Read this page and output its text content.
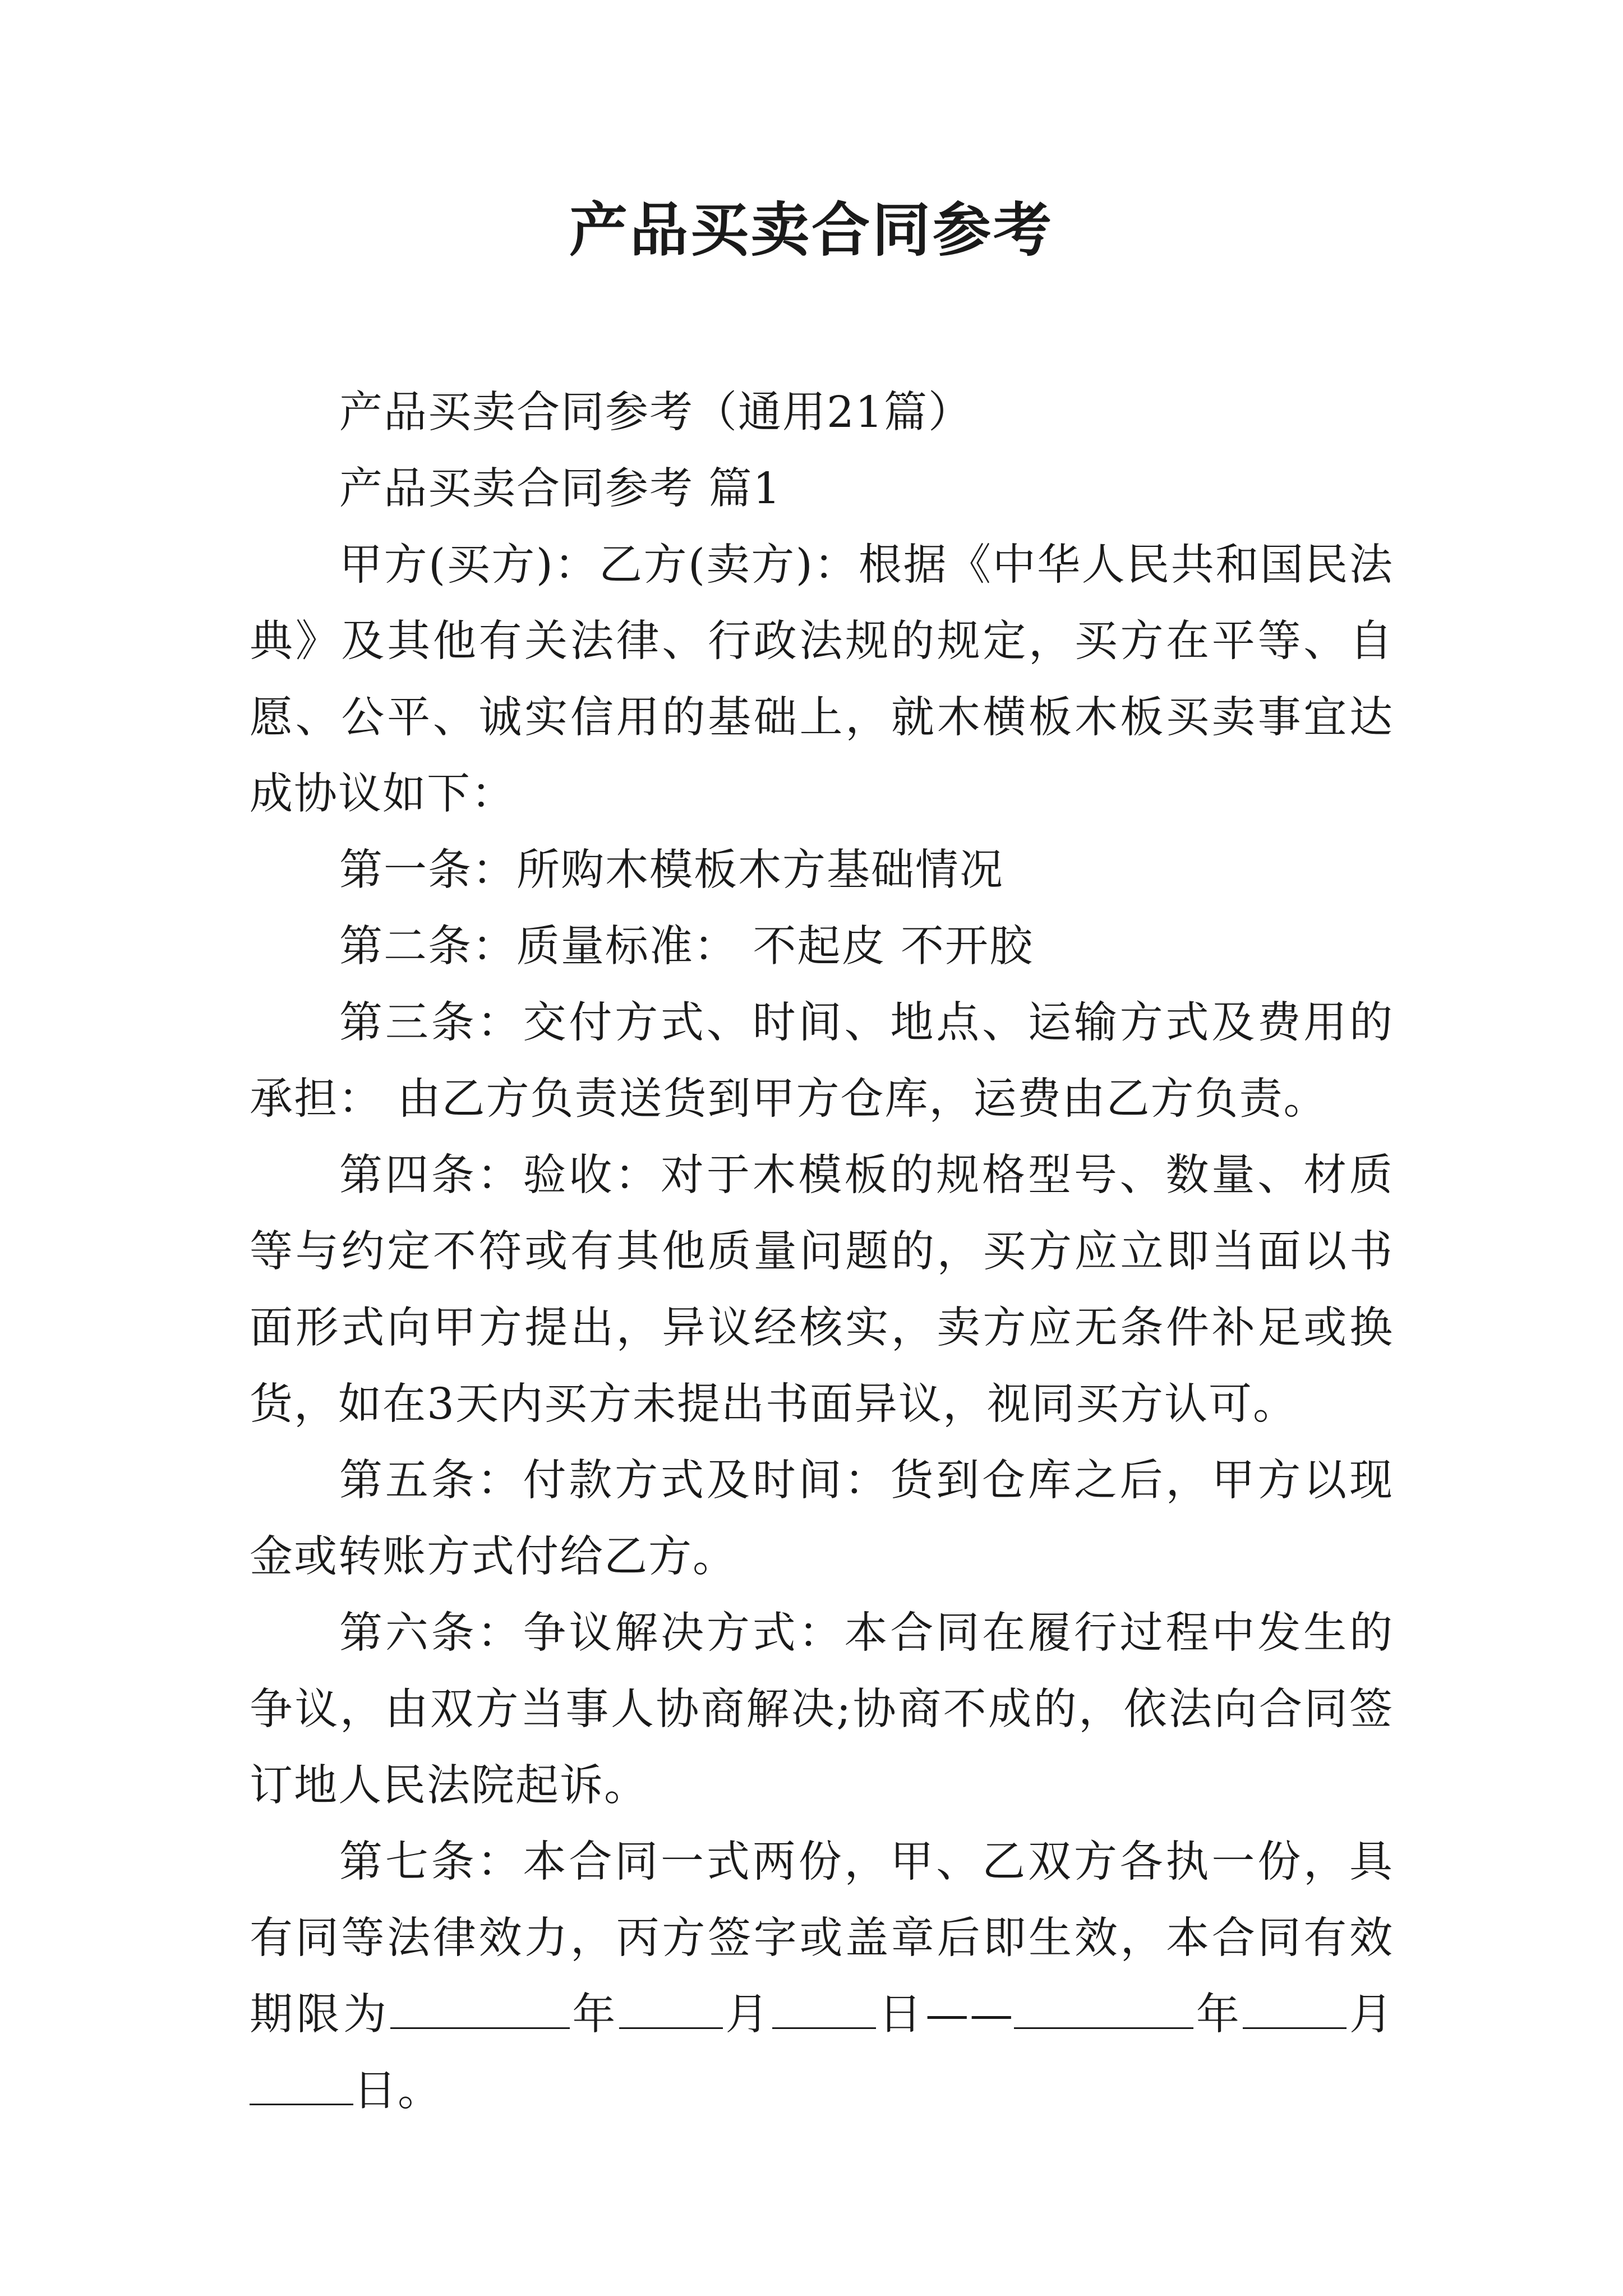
产品买卖合同参考

产品买卖合同参考（通用21篇）

产品买卖合同参考 篇1

甲方(买方)：乙方(卖方)：根据《中华人民共和国民法典》及其他有关法律、行政法规的规定，买方在平等、自愿、公平、诚实信用的基础上，就木横板木板买卖事宜达成协议如下：

第一条：所购木模板木方基础情况

第二条：质量标准： 不起皮 不开胶

第三条：交付方式、时间、地点、运输方式及费用的承担： 由乙方负责送货到甲方仓库，运费由乙方负责。

第四条：验收：对于木模板的规格型号、数量、材质等与约定不符或有其他质量问题的，买方应立即当面以书面形式向甲方提出，异议经核实，卖方应无条件补足或换货，如在3天内买方未提出书面异议，视同买方认可。

第五条：付款方式及时间：货到仓库之后，甲方以现金或转账方式付给乙方。

第六条：争议解决方式：本合同在履行过程中发生的争议，由双方当事人协商解决;协商不成的，依法向合同签订地人民法院起诉。

第七条：本合同一式两份，甲、乙双方各执一份，具有同等法律效力，丙方签字或盖章后即生效，本合同有效期限为	年 月 日——	年 月日。
